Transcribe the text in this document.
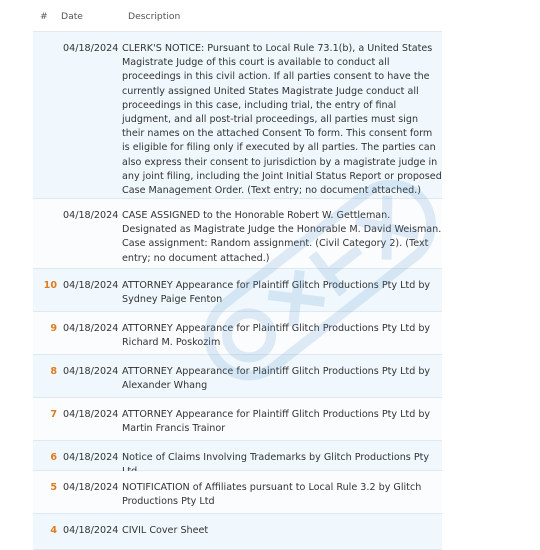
# Date	Description
04/18/2024 CLERK'S NOTICE: Pursuant to Local Rule 73.1(b), a United States Magistrate Judge of this court is available to conduct all proceedings in this civil action. If all parties consent to have the currently assigned United States Magistrate Judge conduct all proceedings in this case, including trial, the entry of final judgment, and all post-trial proceedings, all parties must sign their names on the attached Consent To form. This consent form is eligible for filing only if executed by all parties. The parties can also express their consent to jurisdiction by a magistrate judge in any joint filing, including the Joint Initial Status Report or proposed Case Management Order. (Text entry; no document attached.)
04/18/2024 CASE ASSIGNED to the Honorable Robert W. Gettleman. Designated as Magistrate Judge the Honorable M. David Weisman. Case assignment: Random assignment. (Civil Category 2). (Text entry; no document attached.)
10 04/18/2024 ATTORNEY Appearance for Plaintiff Glitch Productions Pty Ltd by Sydney Paige Fenton
9 04/18/2024 ATTORNEY Appearance for Plaintiff Glitch Productions Pty Ltd by Richard M. Poskozim
8 04/18/2024 ATTORNEY Appearance for Plaintiff Glitch Productions Pty Ltd by Alexander Whang
7 04/18/2024 ATTORNEY Appearance for Plaintiff Glitch Productions Pty Ltd by Martin Francis Trainor
6 04/18/2024 Notice of Claims Involving Trademarks by Glitch Productions Pty
5 04/18/2024 NOTIFICATION of Affiliates pursuant to Local Rule 3.2 by Glitch Productions Pty Ltd
4 04/18/2024 CIVIL Cover Sheet
